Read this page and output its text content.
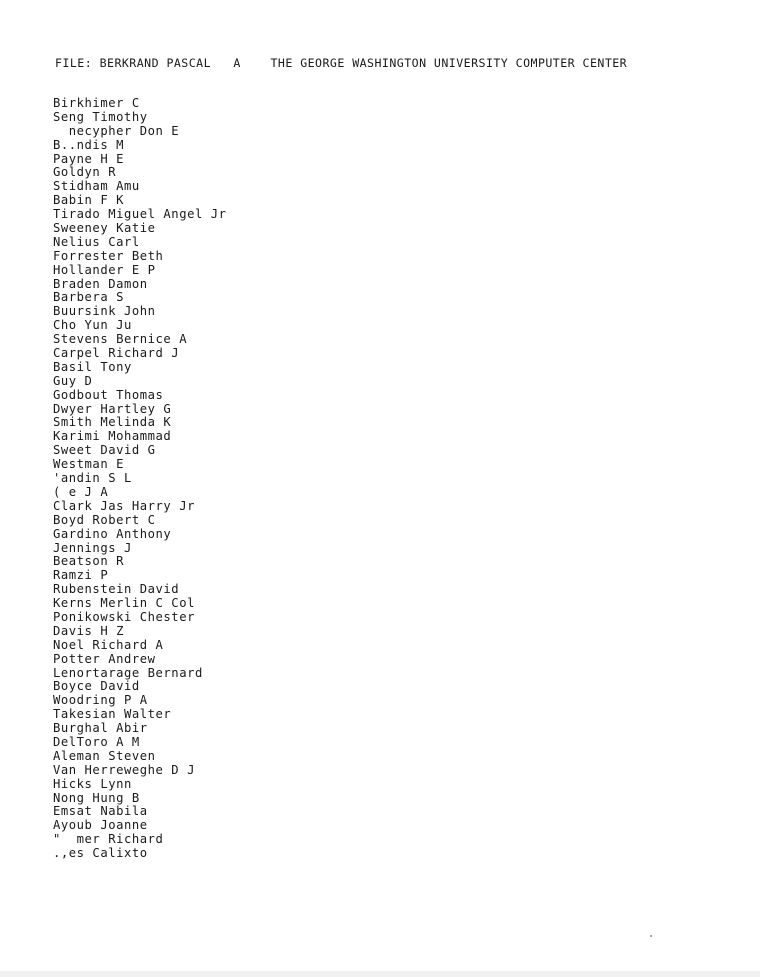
FILE: BERKRAND PASCAL   A    THE GEORGE WASHINGTON UNIVERSITY COMPUTER CENTER
Birkhimer C
Seng Timothy
necypher Don E
B..ndis M
Payne H E
Goldyn R
Stidham Amu
Babin F K
Tirado Miguel Angel Jr
Sweeney Katie
Nelius Carl
Forrester Beth
Hollander E P
Braden Damon
Barbera S
Buursink John
Cho Yun Ju
Stevens Bernice A
Carpel Richard J
Basil Tony
Guy D
Godbout Thomas
Dwyer Hartley G
Smith Melinda K
Karimi Mohammad
Sweet David G
Westman E
'andin S L
( e J A
Clark Jas Harry Jr
Boyd Robert C
Gardino Anthony
Jennings J
Beatson R
Ramzi P
Rubenstein David
Kerns Merlin C Col
Ponikowski Chester
Davis H Z
Noel Richard A
Potter Andrew
Lenortarage Bernard
Boyce David
Woodring P A
Takesian Walter
Burghal Abir
DelToro A M
Aleman Steven
Van Herreweghe D J
Hicks Lynn
Nong Hung B
Emsat Nabila
Ayoub Joanne
"  mer Richard
.,es Calixto
